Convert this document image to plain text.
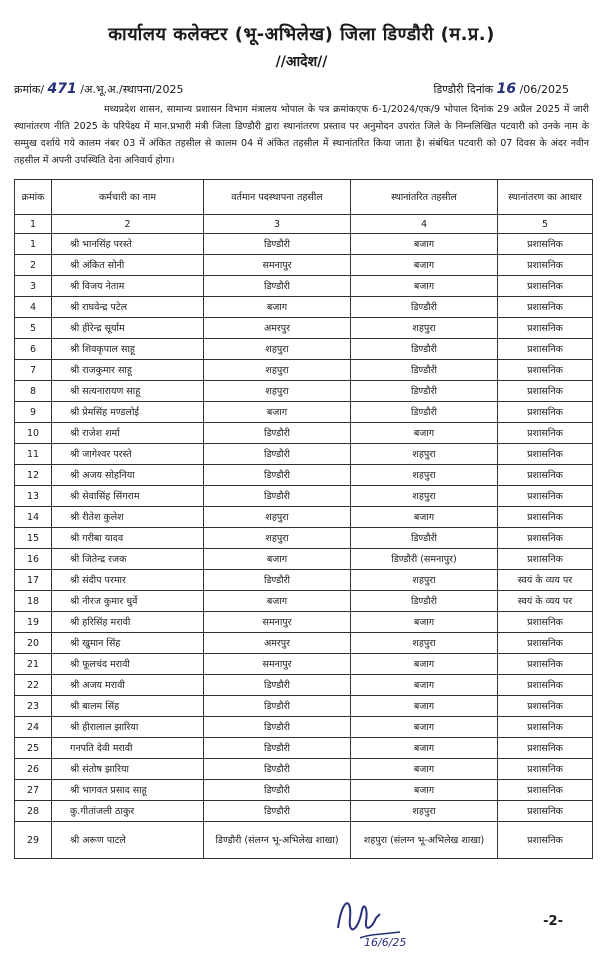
कार्यालय कलेक्टर (भू-अभिलेख) जिला डिण्डौरी (म.प्र.)
//आदेश//
क्रमांक/ 471 /अ.भू.अ./स्थापना/2025	डिण्डौरी दिनांक 16 /06/2025
मध्यप्रदेश शासन, सामान्य प्रशासन विभाग मंत्रालय भोपाल के पत्र क्रमांकएफ 6-1/2024/एक/9 भोपाल दिनांक 29 अप्रैल 2025 में जारी स्थानांतरण नीति 2025 के परिपेक्ष्य में मान.प्रभारी मंत्री जिला डिण्डौरी द्वारा स्थानांतरण प्रस्ताव पर अनुमोदन उपरांत जिले के निम्नलिखित पटवारी को उनके नाम के सम्मुख दर्शाये गये कालम नंबर 03 में अंकित तहसील से कालम 04 में अंकित तहसील में स्थानांतरित किया जाता है। संबंधित पटवारी को 07 दिवस के अंदर नवीन तहसील में अपनी उपस्थिति देना अनिवार्य होगा।
क्रमांक	कर्मचारी का नाम	वर्तमान पदस्थापना तहसील	स्थानांतरित तहसील	स्थानांतरण का आधार
1	2	3	4	5
1	श्री भानसिंह परस्ते	डिण्डौरी	बजाग	प्रशासनिक
2	श्री अंकित सोनी	समनापुर	बजाग	प्रशासनिक
3	श्री विजय नेताम	डिण्डौरी	बजाग	प्रशासनिक
4	श्री राघवेन्द्र पटेल	बजाग	डिण्डौरी	प्रशासनिक
5	श्री हीरेन्द्र सूर्याम	अमरपुर	शहपुरा	प्रशासनिक
6	श्री शिवकृपाल साहू	शहपुरा	डिण्डौरी	प्रशासनिक
7	श्री राजकुमार साहू	शहपुरा	डिण्डौरी	प्रशासनिक
8	श्री सत्यनारायण साहू	शहपुरा	डिण्डौरी	प्रशासनिक
9	श्री प्रेमसिंह मण्डलोई	बजाग	डिण्डौरी	प्रशासनिक
10	श्री राजेश शर्मा	डिण्डौरी	बजाग	प्रशासनिक
11	श्री जागेश्वर परस्ते	डिण्डौरी	शहपुरा	प्रशासनिक
12	श्री अजय सोहनिया	डिण्डौरी	शहपुरा	प्रशासनिक
13	श्री सेवासिंह सिंगराम	डिण्डौरी	शहपुरा	प्रशासनिक
14	श्री रीतेश कुलेश	शहपुरा	बजाग	प्रशासनिक
15	श्री गरीबा यादव	शहपुरा	डिण्डौरी	प्रशासनिक
16	श्री जितेन्द्र रजक	बजाग	डिण्डौरी (समनापुर)	प्रशासनिक
17	श्री संदीप परमार	डिण्डौरी	शहपुरा	स्वयं के व्यय पर
18	श्री नीरज कुमार धुर्वे	बजाग	डिण्डौरी	स्वयं के व्यय पर
19	श्री हरिसिंह मरावी	समनापुर	बजाग	प्रशासनिक
20	श्री खुमान सिंह	अमरपुर	शहपुरा	प्रशासनिक
21	श्री फूलचंद मरावी	समनापुर	बजाग	प्रशासनिक
22	श्री अजय मरावी	डिण्डौरी	बजाग	प्रशासनिक
23	श्री बालम सिंह	डिण्डौरी	बजाग	प्रशासनिक
24	श्री हीरालाल झारिया	डिण्डौरी	बजाग	प्रशासनिक
25	गनपति देवी मरावी	डिण्डौरी	बजाग	प्रशासनिक
26	श्री संतोष झारिया	डिण्डौरी	बजाग	प्रशासनिक
27	श्री भागवत प्रसाद साहू	डिण्डौरी	बजाग	प्रशासनिक
28	कु.गीतांजली ठाकुर	डिण्डौरी	शहपुरा	प्रशासनिक
29	श्री अरूण पाटले	डिण्डौरी (संलग्न भू-अभिलेख शाखा)	शहपुरा (संलग्न भू-अभिलेख शाखा)	प्रशासनिक
16/6/25
-2-
